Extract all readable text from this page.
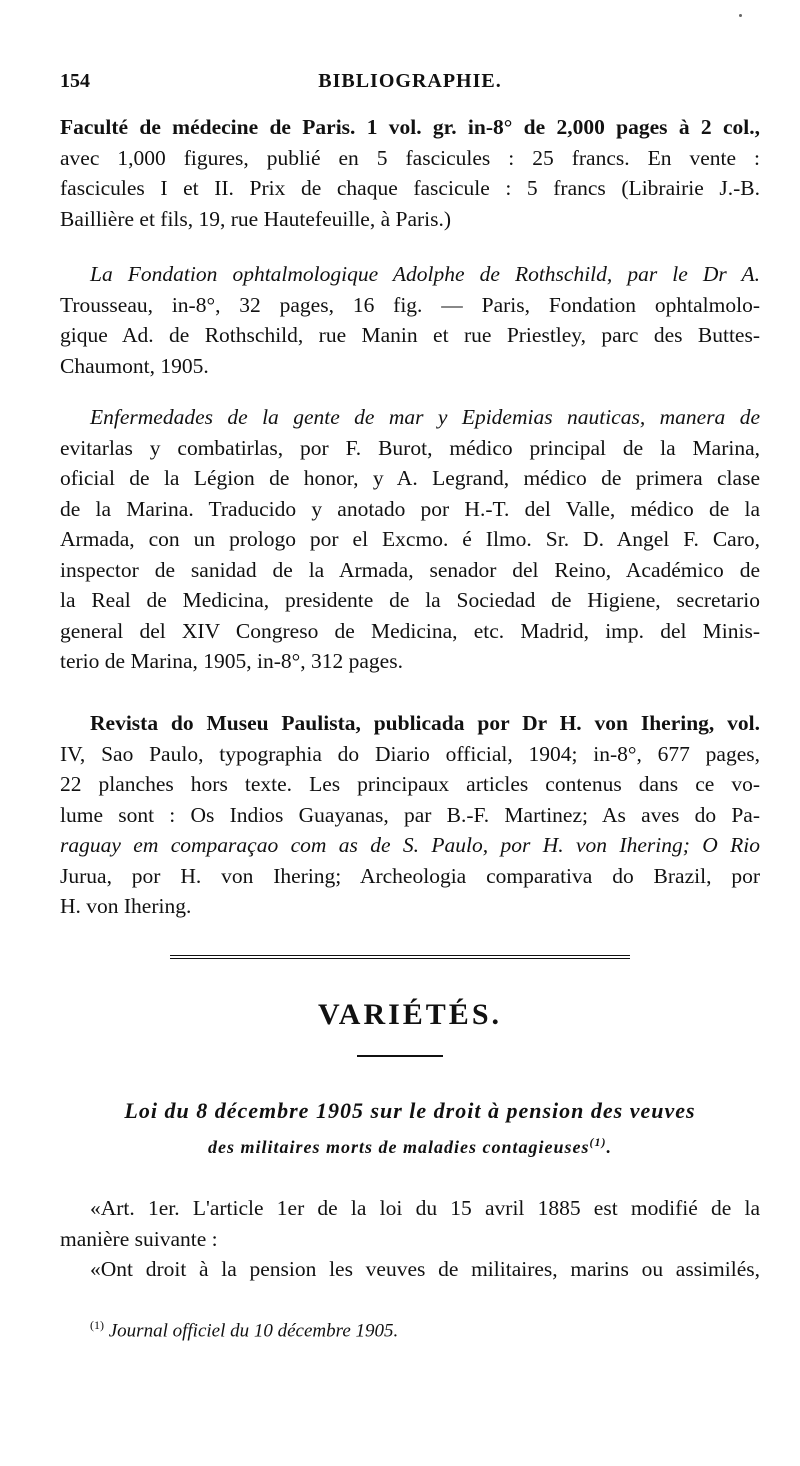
154	BIBLIOGRAPHIE.
Faculté de médecine de Paris. 1 vol. gr. in-8° de 2,000 pages à 2 col.,
avec 1,000 figures, publié en 5 fascicules : 25 francs. En vente :
fascicules I et II. Prix de chaque fascicule : 5 francs (Librairie J.-B.
Baillière et fils, 19, rue Hautefeuille, à Paris.)
La Fondation ophtalmologique Adolphe de Rothschild, par le Dr A.
Trousseau, in-8°, 32 pages, 16 fig. — Paris, Fondation ophtalmolo-
gique Ad. de Rothschild, rue Manin et rue Priestley, parc des Buttes-
Chaumont, 1905.
Enfermedades de la gente de mar y Epidemias nauticas, manera de
evitarlas y combatirlas, por F. Burot, médico principal de la Marina,
oficial de la Légion de honor, y A. Legrand, médico de primera clase
de la Marina. Traducido y anotado por H.-T. del Valle, médico de la
Armada, con un prologo por el Excmo. é Ilmo. Sr. D. Angel F. Caro,
inspector de sanidad de la Armada, senador del Reino, Académico de
la Real de Medicina, presidente de la Sociedad de Higiene, secretario
general del XIV Congreso de Medicina, etc. Madrid, imp. del Minis-
terio de Marina, 1905, in-8°, 312 pages.
Revista do Museu Paulista, publicada por Dr H. von Ihering, vol.
IV, Sao Paulo, typographia do Diario official, 1904; in-8°, 677 pages,
22 planches hors texte. Les principaux articles contenus dans ce vo-
lume sont : Os Indios Guayanas, par B.-F. Martinez; As aves do Pa-
raguay em comparaçao com as de S. Paulo, por H. von Ihering; O Rio
Jurua, por H. von Ihering; Archeologia comparativa do Brazil, por
H. von Ihering.
VARIÉTÉS.
Loi du 8 décembre 1905 sur le droit à pension des veuves
des militaires morts de maladies contagieuses$^{(1)}$.
«Art. 1er. L'article 1er de la loi du 15 avril 1885 est modifié de la
manière suivante :
«Ont droit à la pension les veuves de militaires, marins ou assimilés,
$^{(1)}$ Journal officiel du 10 décembre 1905.
